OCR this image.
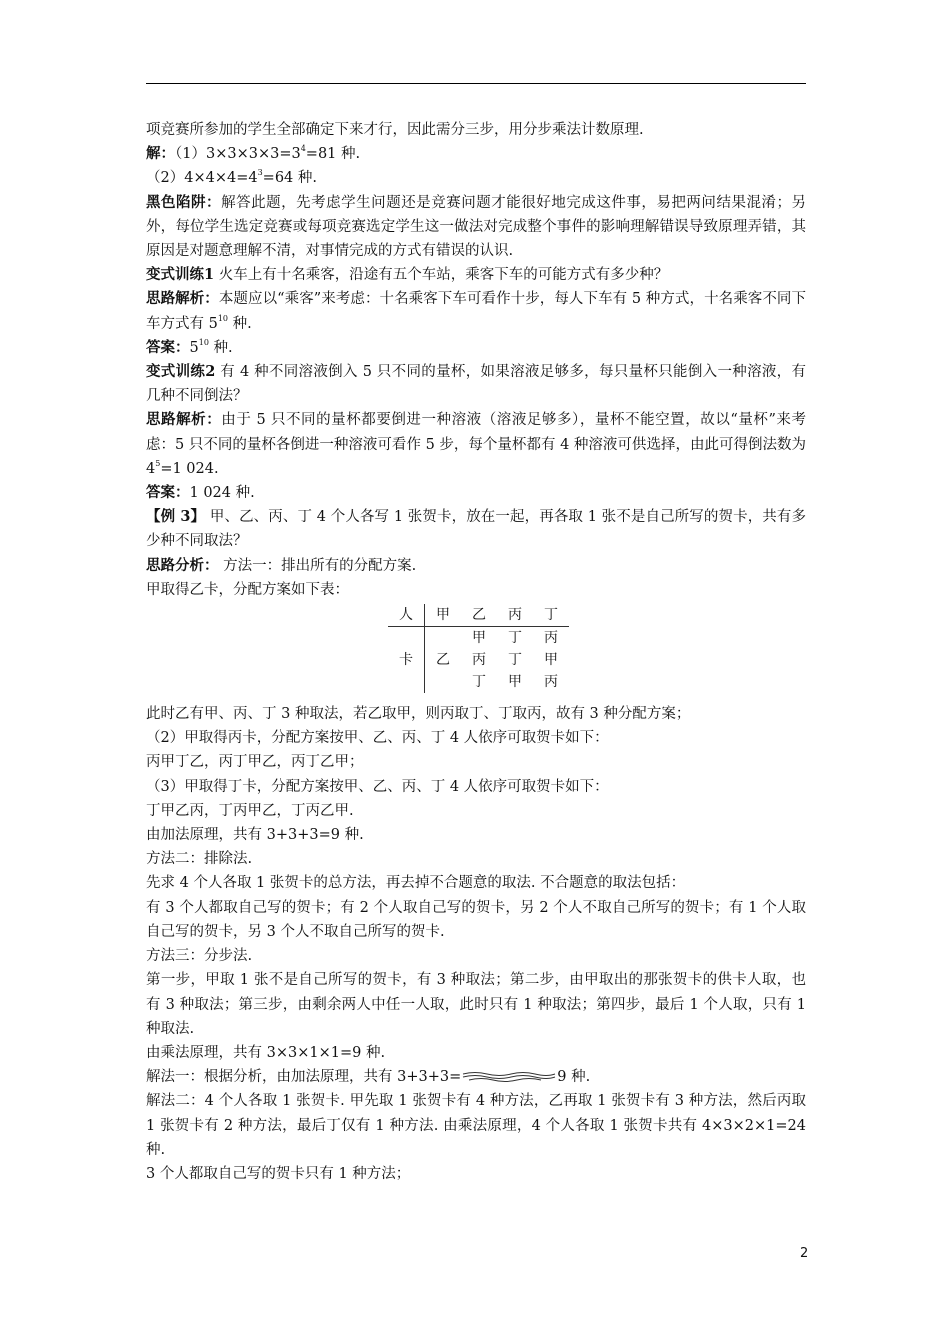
项竞赛所参加的学生全部确定下来才行，因此需分三步，用分步乘法计数原理.

解：$(1)3\times 3\times 3\times 3=3^4=81$ 种.

$(2)4\times 4\times 4=4^3=64$ 种.

黑色陷阱：解答此题，先考虑学生问题还是竞赛问题才能很好地完成这件事，易把两问结果混淆；另外，每位学生选定竞赛或每项竞赛选定学生这一做法对完成整个事件的影响理解错误导致原理弄错，其原因是对题意理解不清，对事情完成的方式有错误的认识.

变式训练1 火车上有十名乘客，沿途有五个车站，乘客下车的可能方式有多少种？

思路解析：本题应以“乘客”来考虑：十名乘客下车可看作十步，每人下车有 5 种方式，十名乘客不同下车方式有 $5^{10}$ 种.

答案：$5^{10}$ 种.

变式训练2 有 4 种不同溶液倒入 5 只不同的量杯，如果溶液足够多，每只量杯只能倒入一种溶液，有几种不同倒法？

思路解析：由于 5 只不同的量杯都要倒进一种溶液（溶液足够多），量杯不能空置，故以“量杯”来考虑：5 只不同的量杯各倒进一种溶液可看作 5 步，每个量杯都有 4 种溶液可供选择，由此可得倒法数为 $4^5=1$ 024.

答案：1 024 种.

【例 3】 甲、乙、丙、丁 4 个人各写 1 张贺卡，放在一起，再各取 1 张不是自己所写的贺卡，共有多少种不同取法？

思路分析： 方法一：排出所有的分配方案.

甲取得乙卡，分配方案如下表：

人	甲	乙	丙	丁
卡	乙	甲	丁	丙
		丙	丁	甲
		丁	甲	丙

此时乙有甲、丙、丁 3 种取法，若乙取甲，则丙取丁、丁取丙，故有 3 种分配方案；

（2）甲取得丙卡，分配方案按甲、乙、丙、丁 4 人依序可取贺卡如下：

丙甲丁乙，丙丁甲乙，丙丁乙甲；

（3）甲取得丁卡，分配方案按甲、乙、丙、丁 4 人依序可取贺卡如下：

丁甲乙丙，丁丙甲乙，丁丙乙甲.

由加法原理，共有 3+3+3=9 种.

方法二：排除法.

先求 4 个人各取 1 张贺卡的总方法，再去掉不合题意的取法. 不合题意的取法包括：

有 3 个人都取自己写的贺卡；有 2 个人取自己写的贺卡，另 2 个人不取自己所写的贺卡；有 1 个人取自己写的贺卡，另 3 个人不取自己所写的贺卡.

方法三：分步法.

第一步，甲取 1 张不是自己所写的贺卡，有 3 种取法；第二步，由甲取出的那张贺卡的供卡人取，也有 3 种取法；第三步，由剩余两人中任一人取，此时只有 1 种取法；第四步，最后 1 个人取，只有 1 种取法.

由乘法原理，共有 3×3×1×1=9 种.

解法一：根据分析，由加法原理，共有 3+3+3=	9 种.

解法二：4 个人各取 1 张贺卡. 甲先取 1 张贺卡有 4 种方法，乙再取 1 张贺卡有 3 种方法，然后丙取 1 张贺卡有 2 种方法，最后丁仅有 1 种方法. 由乘法原理，4 个人各取 1 张贺卡共有 4×3×2×1=24 种.

3 个人都取自己写的贺卡只有 1 种方法；

2
